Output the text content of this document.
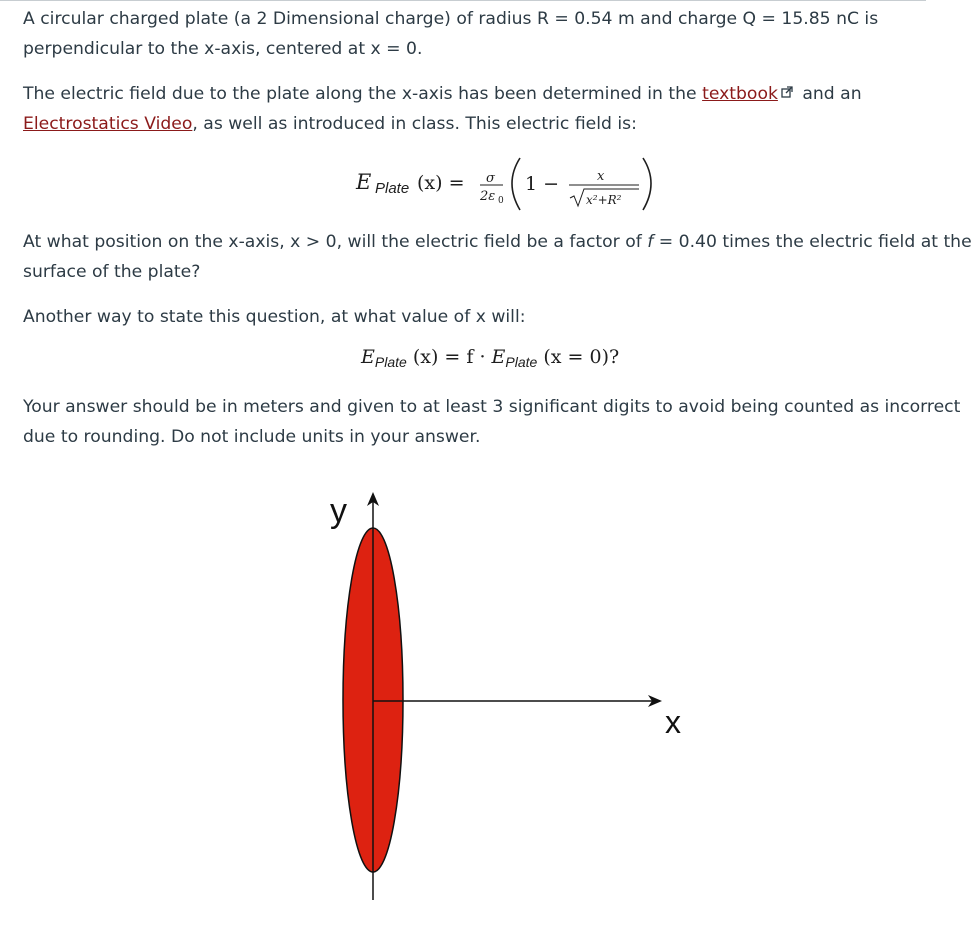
A circular charged plate (a 2 Dimensional charge) of radius R = 0.54 m and charge Q = 15.85 nC is

perpendicular to the x-axis, centered at x = 0.

The electric field due to the plate along the x-axis has been determined in the textbook and an

Electrostatics Video, as well as introduced in class. This electric field is:

E Plate (x) = σ
2ε 0
1 −	x
x²+R²

At what position on the x-axis, x > 0, will the electric field be a factor of f = 0.40 times the electric field at the

surface of the plate?

Another way to state this question, at what value of x will:

$E_{Plate}$ $(x) = f \cdot E_{Plate}$ (x = 0)?

Your answer should be in meters and given to at least 3 significant digits to avoid being counted as incorrect

due to rounding. Do not include units in your answer.

y
x
